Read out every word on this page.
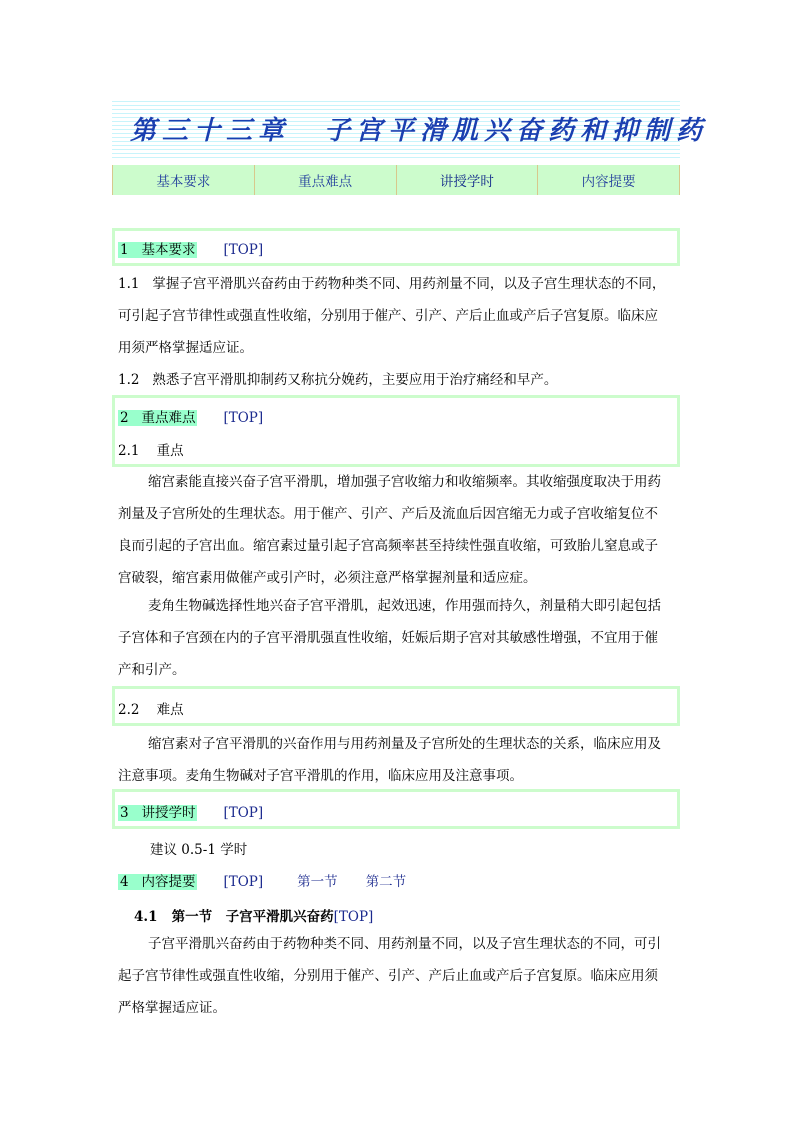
第三十三章 子宫平滑肌兴奋药和抑制药
基本要求	重点难点	讲授学时	内容提要
1 基本要求 [TOP]
1.1 掌握子宫平滑肌兴奋药由于药物种类不同、用药剂量不同，以及子宫生理状态的不同，
可引起子宫节律性或强直性收缩，分别用于催产、引产、产后止血或产后子宫复原。临床应
用须严格掌握适应证。
1.2 熟悉子宫平滑肌抑制药又称抗分娩药，主要应用于治疗痛经和早产。
2 重点难点 [TOP]
2.1 重点
缩宫素能直接兴奋子宫平滑肌，增加强子宫收缩力和收缩频率。其收缩强度取决于用药
剂量及子宫所处的生理状态。用于催产、引产、产后及流血后因宫缩无力或子宫收缩复位不
良而引起的子宫出血。缩宫素过量引起子宫高频率甚至持续性强直收缩，可致胎儿窒息或子
宫破裂，缩宫素用做催产或引产时，必须注意严格掌握剂量和适应症。
麦角生物碱选择性地兴奋子宫平滑肌，起效迅速，作用强而持久，剂量稍大即引起包括
子宫体和子宫颈在内的子宫平滑肌强直性收缩，妊娠后期子宫对其敏感性增强，不宜用于催
产和引产。
2.2 难点
缩宫素对子宫平滑肌的兴奋作用与用药剂量及子宫所处的生理状态的关系，临床应用及
注意事项。麦角生物碱对子宫平滑肌的作用，临床应用及注意事项。
3 讲授学时 [TOP]
建议 0.5-1 学时
4 内容提要 [TOP]	第一节 第二节
4.1 第一节　子宫平滑肌兴奋药[TOP]
子宫平滑肌兴奋药由于药物种类不同、用药剂量不同，以及子宫生理状态的不同，可引
起子宫节律性或强直性收缩，分别用于催产、引产、产后止血或产后子宫复原。临床应用须
严格掌握适应证。
